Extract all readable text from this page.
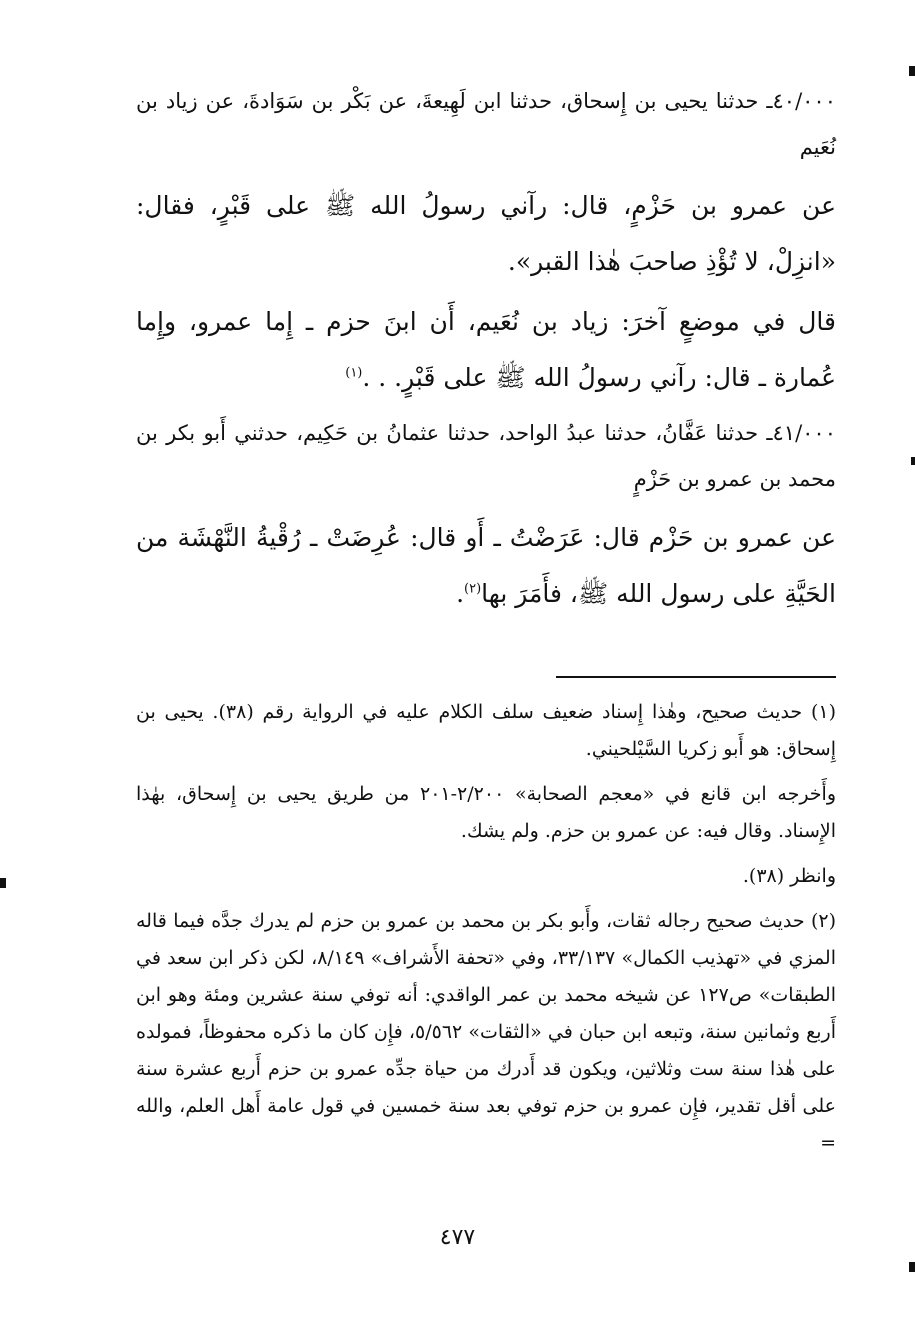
٤٠/٠٠٠ـ حدثنا يحيى بن إِسحاق، حدثنا ابن لَهِيعةَ، عن بَكْر بن سَوَادةَ، عن زياد بن نُعَيم

عن عمرو بن حَزْمٍ، قال: رآني رسولُ الله ﷺ على قَبْرٍ، فقال: «انزِلْ، لا تُؤْذِ صاحبَ هٰذا القبر».

قال في موضعٍ آخرَ: زياد بن نُعَيم، أَن ابنَ حزم ـ إِما عمرو، وإِما عُمارة ـ قال: رآني رسولُ الله ﷺ على قَبْرٍ. . .$^{(١)}$

٤١/٠٠٠ـ حدثنا عَفَّانُ، حدثنا عبدُ الواحد، حدثنا عثمانُ بن حَكِيم، حدثني أَبو بكر بن محمد بن عمرو بن حَزْمٍ

عن عمرو بن حَزْم قال: عَرَضْتُ ـ أَو قال: عُرِضَتْ ـ رُقْيةُ النَّهْشَة من الحَيَّةِ على رسول الله ﷺ، فأَمَرَ بها$^{(٢)}$.

(١) حديث صحيح، وهٰذا إِسناد ضعيف سلف الكلام عليه في الرواية رقم (٣٨). يحيى بن إِسحاق: هو أَبو زكريا السَّيْلحيني.

وأَخرجه ابن قانع في «معجم الصحابة» ٢/٢٠٠-٢٠١ من طريق يحيى بن إِسحاق، بهٰذا الإِسناد. وقال فيه: عن عمرو بن حزم. ولم يشك.

وانظر (٣٨).

(٢) حديث صحيح رجاله ثقات، وأَبو بكر بن محمد بن عمرو بن حزم لم يدرك جدَّه فيما قاله المزي في «تهذيب الكمال» ٣٣/١٣٧، وفي «تحفة الأَشراف» ٨/١٤٩، لكن ذكر ابن سعد في الطبقات» ص١٢٧ عن شيخه محمد بن عمر الواقدي: أنه توفي سنة عشرين ومئة وهو ابن أَربع وثمانين سنة، وتبعه ابن حبان في «الثقات» ٥/٥٦٢، فإِن كان ما ذكره محفوظاً، فمولده على هٰذا سنة ست وثلاثين، ويكون قد أَدرك من حياة جدِّه عمرو بن حزم أَربع عشرة سنة على أقل تقدير، فإِن عمرو بن حزم توفي بعد سنة خمسين في قول عامة أَهل العلم، والله =

٤٧٧
